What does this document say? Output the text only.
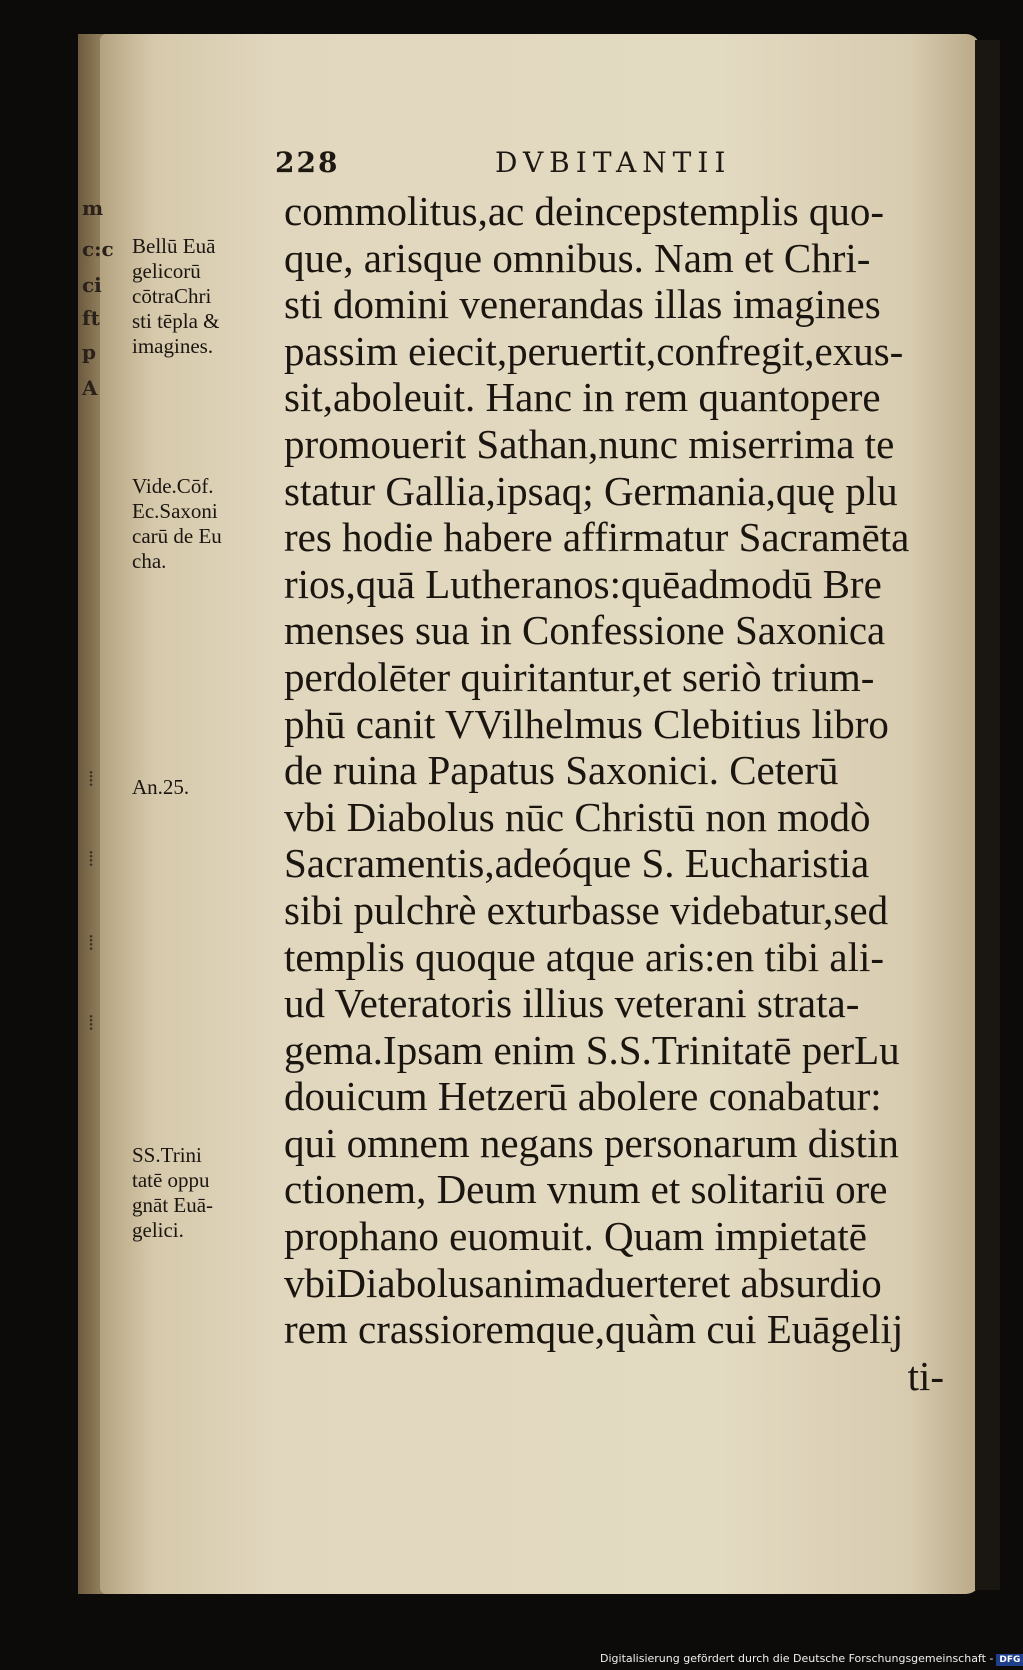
m
c:c
ci
ft
p
A
⁞
⁞
⁞
⁞
228	DVBITANTII
commolitus,ac deincepstemplis quo-
que, arisque omnibus. Nam et Chri-
sti domini venerandas illas imagines
passim eiecit,peruertit,confregit,exus-
sit,aboleuit. Hanc in rem quantopere
promouerit Sathan,nunc miserrima te
statur Gallia,ipsaq; Germania,quę plu
res hodie habere affirmatur Sacramēta
rios,quā Lutheranos:quēadmodū Bre
menses sua in Confessione Saxonica
perdolēter quiritantur,et seriò trium-
phū canit VVilhelmus Clebitius libro
de ruina Papatus Saxonici. Ceterū
vbi Diabolus nūc Christū non modò
Sacramentis,adeóque S. Eucharistia
sibi pulchrè exturbasse videbatur,sed
templis quoque atque aris:en tibi ali-
ud Veteratoris illius veterani strata-
gema.Ipsam enim S.S.Trinitatē perLu
douicum Hetzerū abolere conabatur:
qui omnem negans personarum distin
ctionem, Deum vnum et solitariū ore
prophano euomuit. Quam impietatē
vbiDiabolusanimaduerteret absurdio
rem crassioremque,quàm cui Euāgelij
ti-
Bellū Euā
gelicorū
cōtraChri
sti tēpla &
imagines.
Vide.Cōf.
Ec.Saxoni
carū de Eu
cha.
An.25.
SS.Trini
tatē oppu
gnāt Euā-
gelici.
Digitalisierung gefördert durch die Deutsche Forschungsgemeinschaft - DFG
